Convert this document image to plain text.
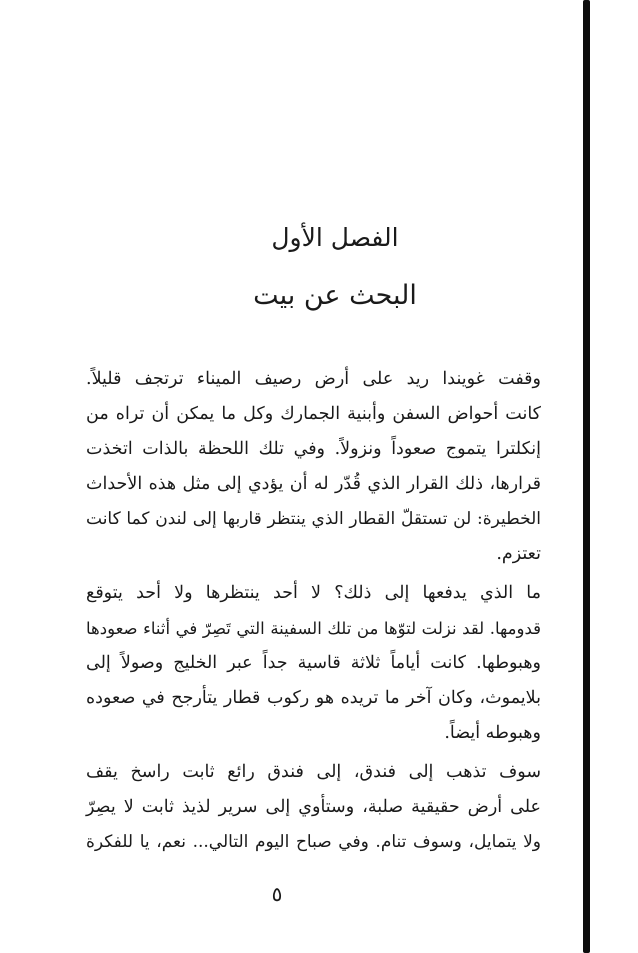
الفصل الأول
البحث عن بيت

وقفت غويندا ريد على أرض رصيف الميناء ترتجف قليلاً.
كانت أحواض السفن وأبنية الجمارك وكل ما يمكن أن تراه من
إنكلترا يتموج صعوداً ونزولاً. وفي تلك اللحظة بالذات اتخذت
قرارها، ذلك القرار الذي قُدّر له أن يؤدي إلى مثل هذه الأحداث
الخطيرة: لن تستقلّ القطار الذي ينتظر قاربها إلى لندن كما كانت
تعتزم.

ما الذي يدفعها إلى ذلك؟ لا أحد ينتظرها ولا أحد يتوقع
قدومها. لقد نزلت لتوّها من تلك السفينة التي تَصِرّ في أثناء صعودها
وهبوطها. كانت أياماً ثلاثة قاسية جداً عبر الخليج وصولاً إلى
بلايموث، وكان آخر ما تريده هو ركوب قطار يتأرجح في صعوده
وهبوطه أيضاً.

سوف تذهب إلى فندق، إلى فندق رائع ثابت راسخ يقف
على أرض حقيقية صلبة، وستأوي إلى سرير لذيذ ثابت لا يصِرّ
ولا يتمايل، وسوف تنام. وفي صباح اليوم التالي... نعم، يا للفكرة

٥
